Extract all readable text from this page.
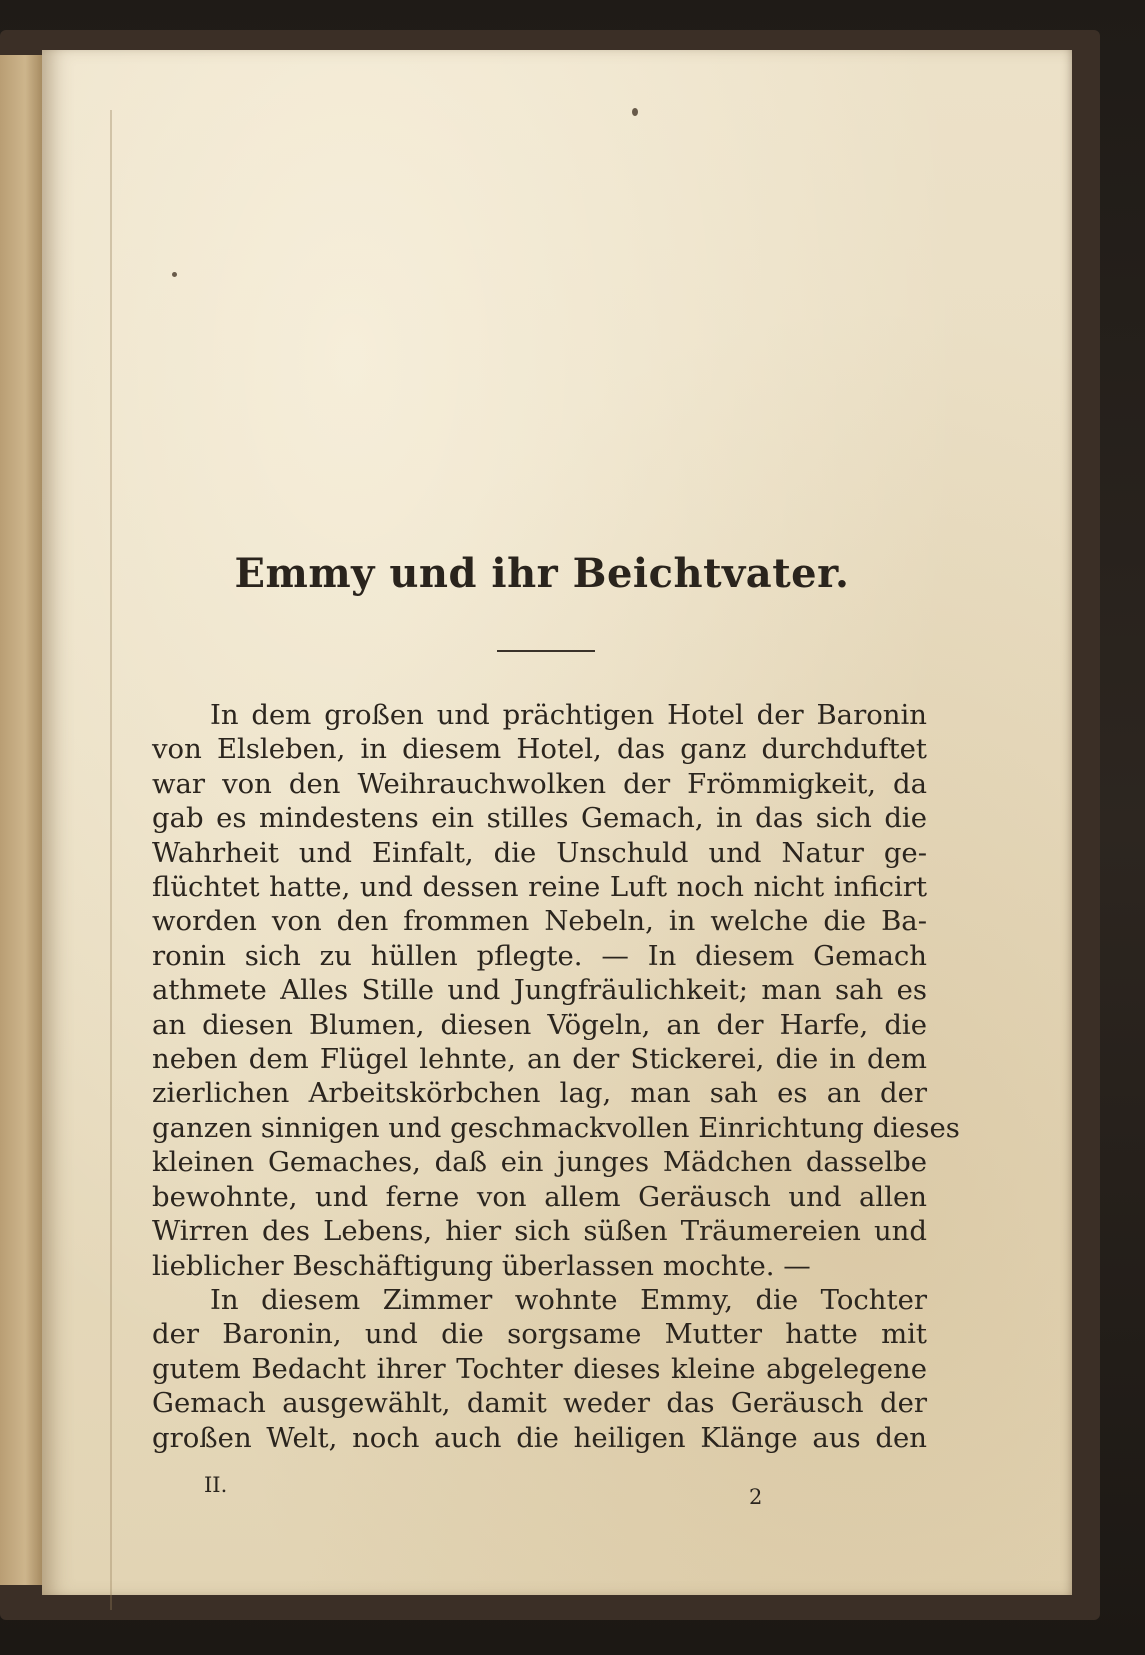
Emmy und ihr Beichtvater.
In dem großen und prächtigen Hotel der Baronin
von Elsleben, in diesem Hotel, das ganz durchduftet
war von den Weihrauchwolken der Frömmigkeit, da
gab es mindestens ein stilles Gemach, in das sich die
Wahrheit und Einfalt, die Unschuld und Natur ge-
flüchtet hatte, und dessen reine Luft noch nicht inficirt
worden von den frommen Nebeln, in welche die Ba-
ronin sich zu hüllen pflegte. — In diesem Gemach
athmete Alles Stille und Jungfräulichkeit; man sah es
an diesen Blumen, diesen Vögeln, an der Harfe, die
neben dem Flügel lehnte, an der Stickerei, die in dem
zierlichen Arbeitskörbchen lag, man sah es an der
ganzen sinnigen und geschmackvollen Einrichtung dieses
kleinen Gemaches, daß ein junges Mädchen dasselbe
bewohnte, und ferne von allem Geräusch und allen
Wirren des Lebens, hier sich süßen Träumereien und
lieblicher Beschäftigung überlassen mochte. —
In diesem Zimmer wohnte Emmy, die Tochter
der Baronin, und die sorgsame Mutter hatte mit
gutem Bedacht ihrer Tochter dieses kleine abgelegene
Gemach ausgewählt, damit weder das Geräusch der
großen Welt, noch auch die heiligen Klänge aus den
II.	2
